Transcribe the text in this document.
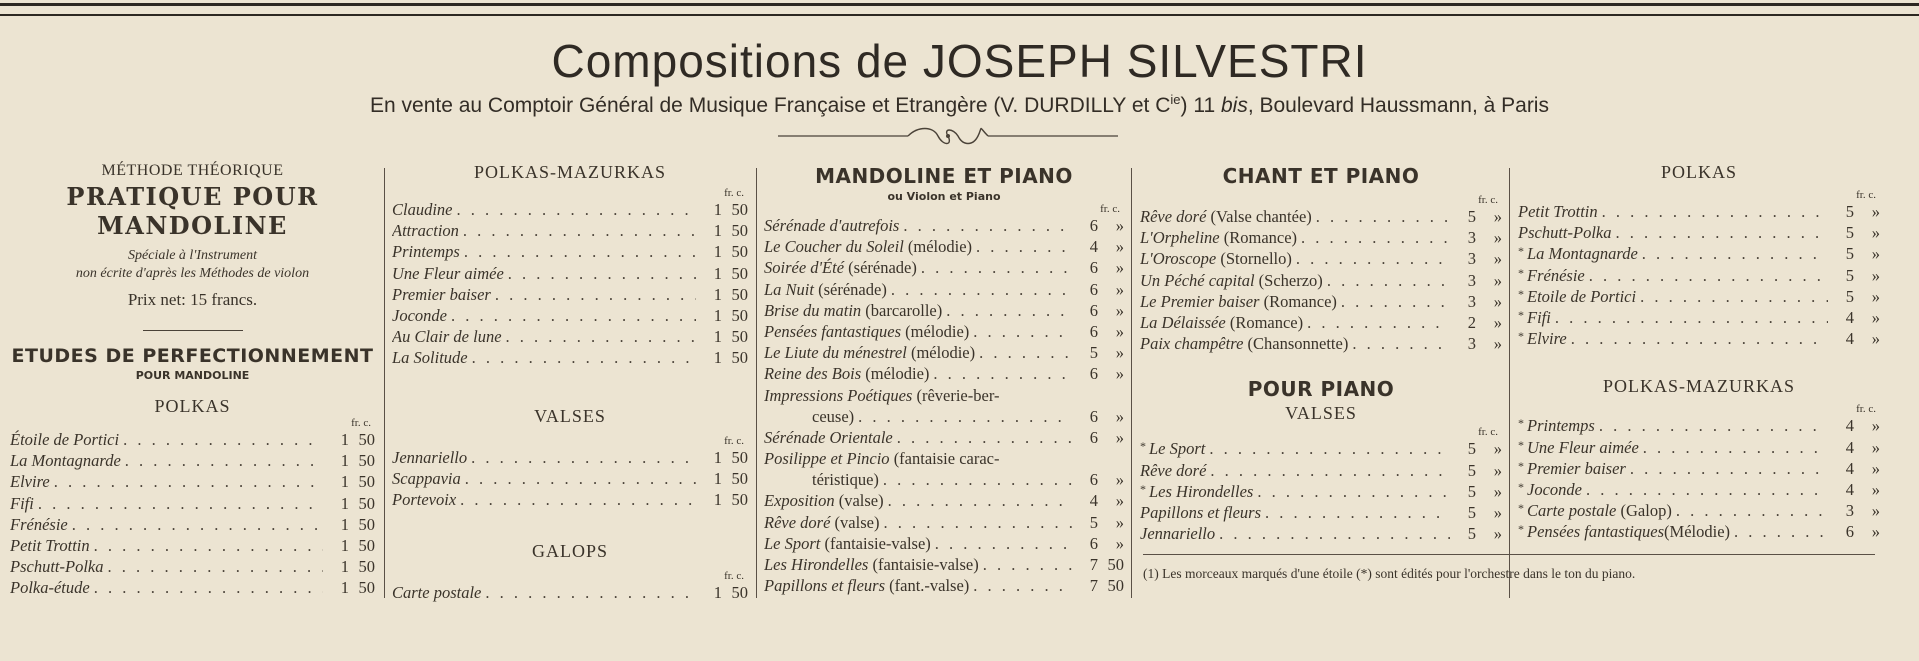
Compositions de JOSEPH SILVESTRI
En vente au Comptoir Général de Musique Française et Etrangère (V. DURDILLY et $C^{ie}$) 11 bis, Boulevard Haussmann, à Paris
MÉTHODE THÉORIQUE
PRATIQUE POUR MANDOLINE
Spéciale à l'Instrument
non écrite d'après les Méthodes de violon
Prix net: 15 francs.
ETUDES DE PERFECTIONNEMENT
POUR MANDOLINE
POLKAS
fr. c.
Étoile de Portici . . .	1 50
La Montagnarde . . .	1 50
Elvire . . .	1 50
Fifi . . .	1 50
Frénésie . . .	1 50
Petit Trottin . . .	1 50
Pschutt-Polka . . .	1 50
Polka-étude . . .	1 50
POLKAS-MAZURKAS
fr. c.
Claudine . . .	1 50
Attraction . . .	1 50
Printemps . . .	1 50
Une Fleur aimée . . .	1 50
Premier baiser . . .	1 50
Joconde . . .	1 50
Au Clair de lune . . .	1 50
La Solitude . . .	1 50
VALSES
fr. c.
Jennariello . . .	1 50
Scappavia . . .	1 50
Portevoix . . .	1 50
GALOPS
fr. c.
Carte postale . . .	1 50
MANDOLINE ET PIANO
ou Violon et Piano
fr. c.
Sérénade d'autrefois . . .	6	»
Le Coucher du Soleil (mélodie) . . .	4	»
Soirée d'Été (sérénade) . . .	6	»
La Nuit (sérénade) . . .	6	»
Brise du matin (barcarolle) . . .	6	»
Pensées fantastiques (mélodie) . . .	6	»
Le Liute du ménestrel (mélodie) . . .	5	»
Reine des Bois (mélodie) . . .	6	»
Impressions Poétiques (rêverie-ber-
ceuse) . . .	6	»
Sérénade Orientale . . .	6	»
Posilippe et Pincio (fantaisie carac-
téristique) . . .	6	»
Exposition (valse) . . .	4	»
Rêve doré (valse) . . .	5	»
Le Sport (fantaisie-valse) . . .	6	»
Les Hirondelles (fantaisie-valse) . . .	7 50
Papillons et fleurs (fant.-valse) . . .	7 50
CHANT ET PIANO
fr. c.
Rêve doré (Valse chantée) . . .	5	»
L'Orpheline (Romance) . . .	3	»
L'Oroscope (Stornello) . . .	3	»
Un Péché capital (Scherzo) . . .	3	»
Le Premier baiser (Romance) . . .	3	»
La Délaissée (Romance) . . .	2	»
Paix champêtre (Chansonnette) . . .	3	»
POUR PIANO
VALSES
fr. c.
* Le Sport . . .	5	»
Rêve doré . . .	5	»
* Les Hirondelles . . .	5	»
Papillons et fleurs . . .	5	»
Jennariello . . .	5	»
(1) Les morceaux marqués d'une étoile (*) sont édités pour l'orchestre dans le ton du piano.
POLKAS
fr. c.
Petit Trottin . . .	5	»
Pschutt-Polka . . .	5	»
* La Montagnarde . . .	5	»
* Frénésie . . .	5	»
* Etoile de Portici . . .	5	»
* Fifi . . .	4	»
* Elvire . . .	4	»
POLKAS-MAZURKAS
fr. c.
* Printemps . . .	4	»
* Une Fleur aimée . . .	4	»
* Premier baiser . . .	4	»
* Joconde . . .	4	»
* Carte postale (Galop) . . .	3	»
* Pensées fantastiques(Mélodie) . . .	6	»
